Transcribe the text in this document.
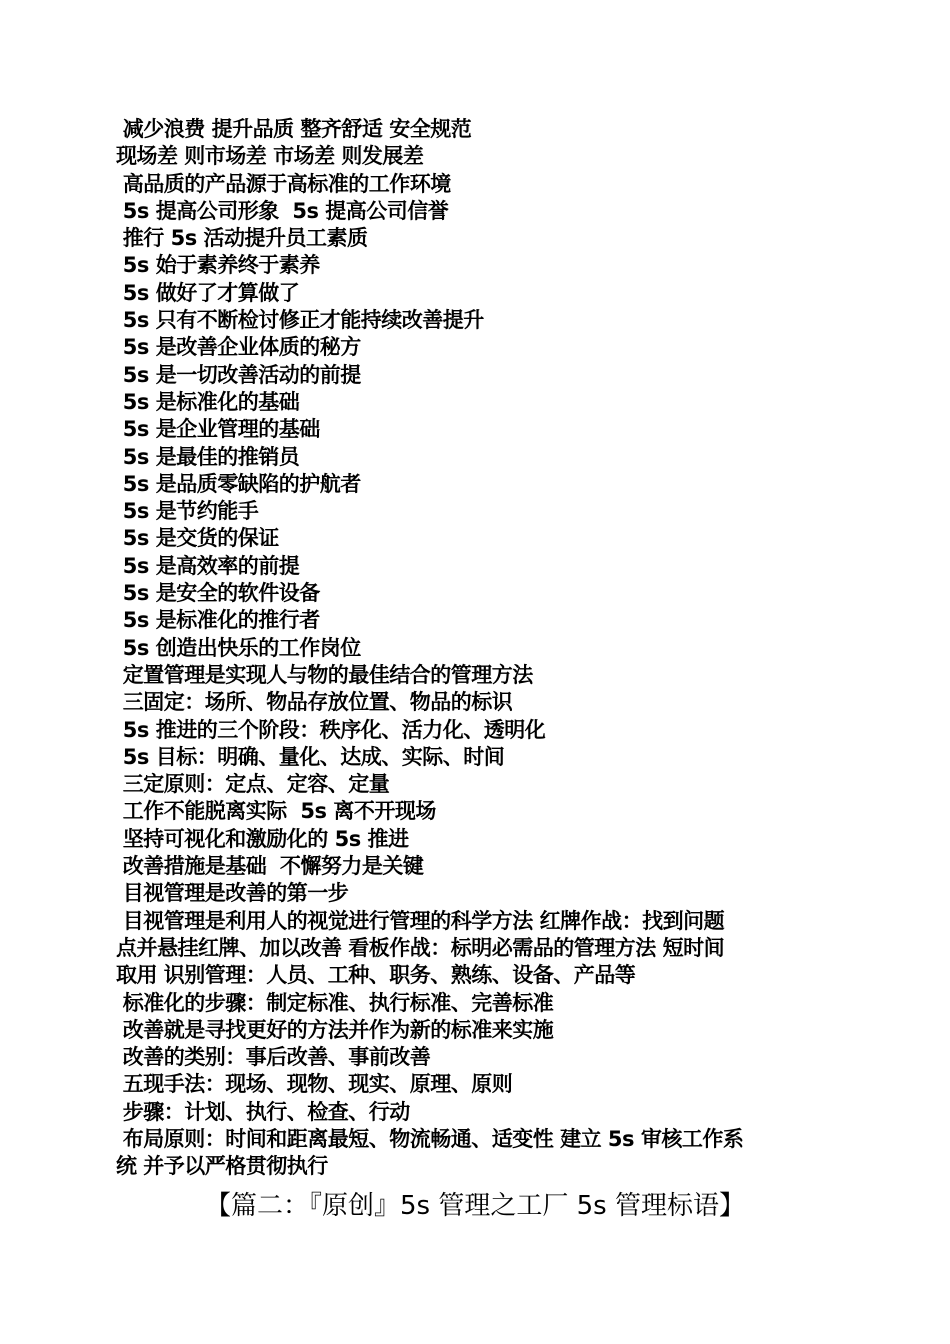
减少浪费 提升品质 整齐舒适 安全规范
现场差 则市场差 市场差 则发展差
高品质的产品源于高标准的工作环境
5s 提高公司形象  5s 提高公司信誉
推行 5s 活动提升员工素质
5s 始于素养终于素养
5s 做好了才算做了
5s 只有不断检讨修正才能持续改善提升
5s 是改善企业体质的秘方
5s 是一切改善活动的前提
5s 是标准化的基础
5s 是企业管理的基础
5s 是最佳的推销员
5s 是品质零缺陷的护航者
5s 是节约能手
5s 是交货的保证
5s 是高效率的前提
5s 是安全的软件设备
5s 是标准化的推行者
5s 创造出快乐的工作岗位
定置管理是实现人与物的最佳结合的管理方法
三固定：场所、物品存放位置、物品的标识
5s 推进的三个阶段：秩序化、活力化、透明化
5s 目标：明确、量化、达成、实际、时间
三定原则：定点、定容、定量
工作不能脱离实际  5s 离不开现场
坚持可视化和激励化的 5s 推进
改善措施是基础  不懈努力是关键
目视管理是改善的第一步
目视管理是利用人的视觉进行管理的科学方法 红牌作战：找到问题
点并悬挂红牌、加以改善 看板作战：标明必需品的管理方法 短时间
取用 识别管理：人员、工种、职务、熟练、设备、产品等
标准化的步骤：制定标准、执行标准、完善标准
改善就是寻找更好的方法并作为新的标准来实施
改善的类别：事后改善、事前改善
五现手法：现场、现物、现实、原理、原则
步骤：计划、执行、检查、行动
布局原则：时间和距离最短、物流畅通、适变性 建立 5s 审核工作系
统 并予以严格贯彻执行
【篇二：『原创』5s 管理之工厂 5s 管理标语】
